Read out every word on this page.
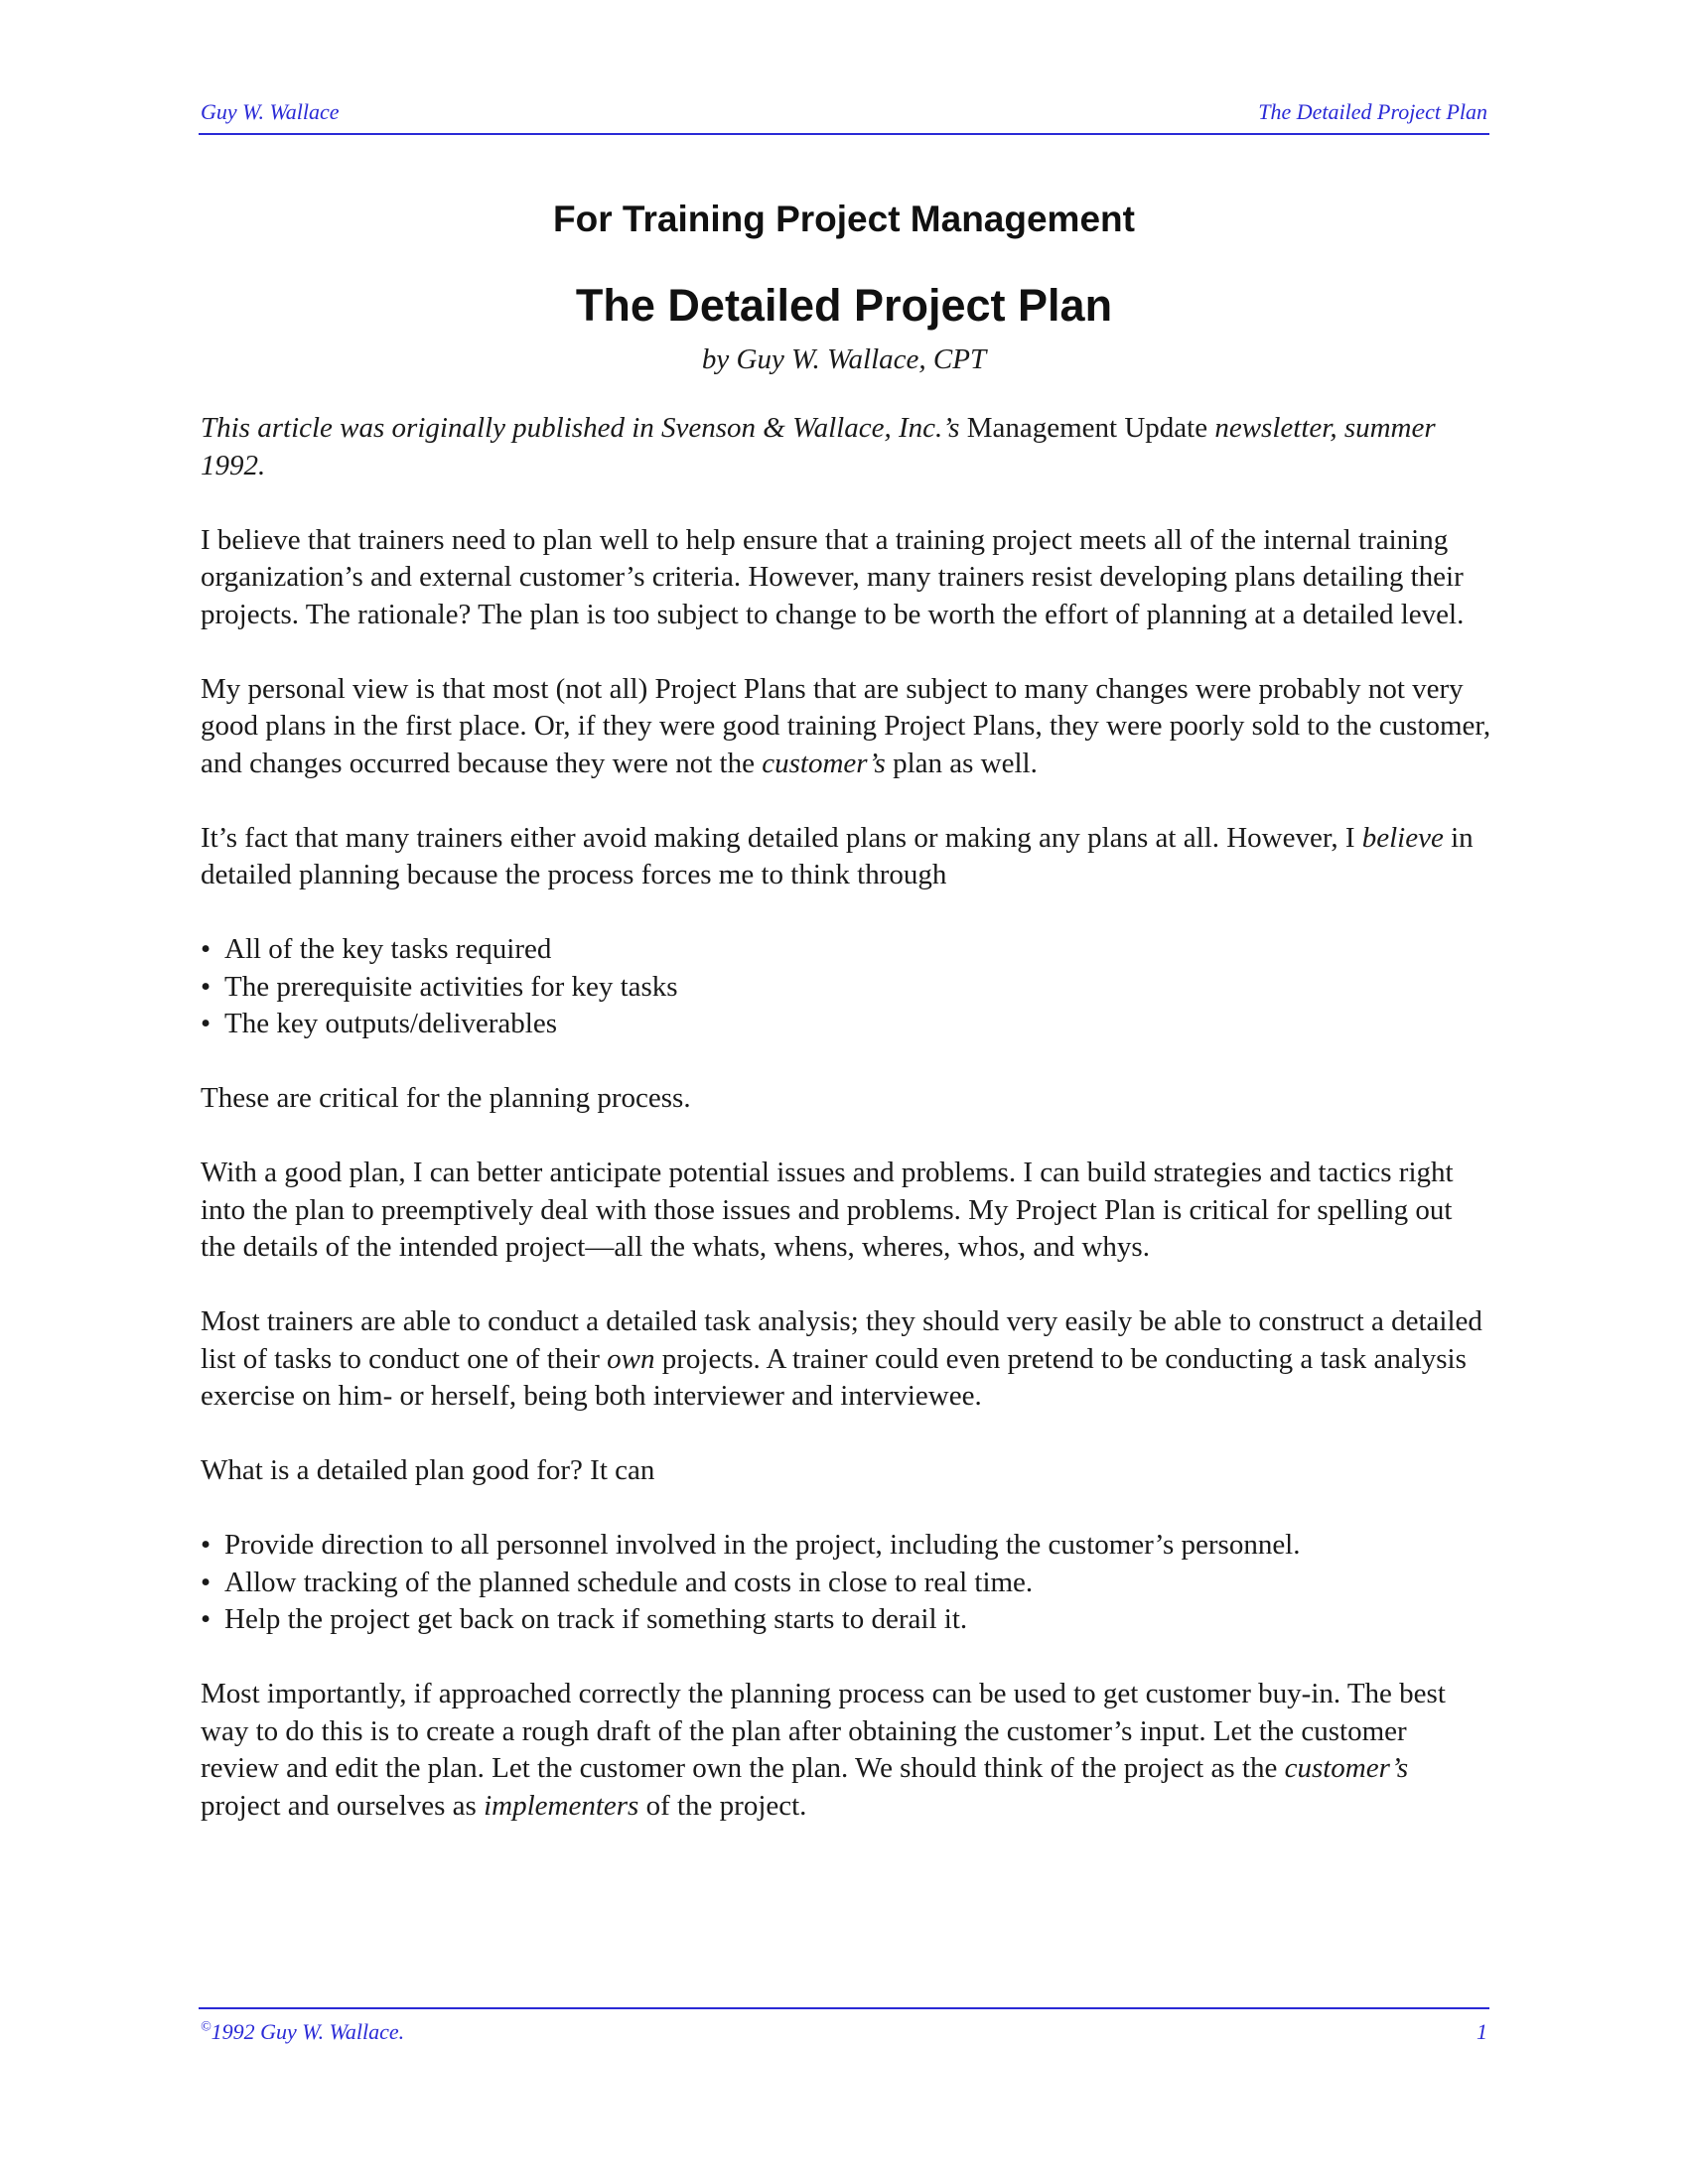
Guy W. Wallace	The Detailed Project Plan
For Training Project Management
The Detailed Project Plan
by Guy W. Wallace, CPT

This article was originally published in Svenson & Wallace, Inc.’s Management Update newsletter, summer 1992.

I believe that trainers need to plan well to help ensure that a training project meets all of the internal training organization’s and external customer’s criteria. However, many trainers resist developing plans detailing their projects. The rationale? The plan is too subject to change to be worth the effort of planning at a detailed level.

My personal view is that most (not all) Project Plans that are subject to many changes were probably not very good plans in the first place. Or, if they were good training Project Plans, they were poorly sold to the customer, and changes occurred because they were not the customer’s plan as well.

It’s fact that many trainers either avoid making detailed plans or making any plans at all. However, I believe in detailed planning because the process forces me to think through

• All of the key tasks required
• The prerequisite activities for key tasks
• The key outputs/deliverables

These are critical for the planning process.

With a good plan, I can better anticipate potential issues and problems. I can build strategies and tactics right into the plan to preemptively deal with those issues and problems. My Project Plan is critical for spelling out the details of the intended project—all the whats, whens, wheres, whos, and whys.

Most trainers are able to conduct a detailed task analysis; they should very easily be able to construct a detailed list of tasks to conduct one of their own projects. A trainer could even pretend to be conducting a task analysis exercise on him- or herself, being both interviewer and interviewee.

What is a detailed plan good for? It can

• Provide direction to all personnel involved in the project, including the customer’s personnel.
• Allow tracking of the planned schedule and costs in close to real time.
• Help the project get back on track if something starts to derail it.

Most importantly, if approached correctly the planning process can be used to get customer buy-in. The best way to do this is to create a rough draft of the plan after obtaining the customer’s input. Let the customer review and edit the plan. Let the customer own the plan. We should think of the project as the customer’s project and ourselves as implementers of the project.

©1992 Guy W. Wallace.	1
